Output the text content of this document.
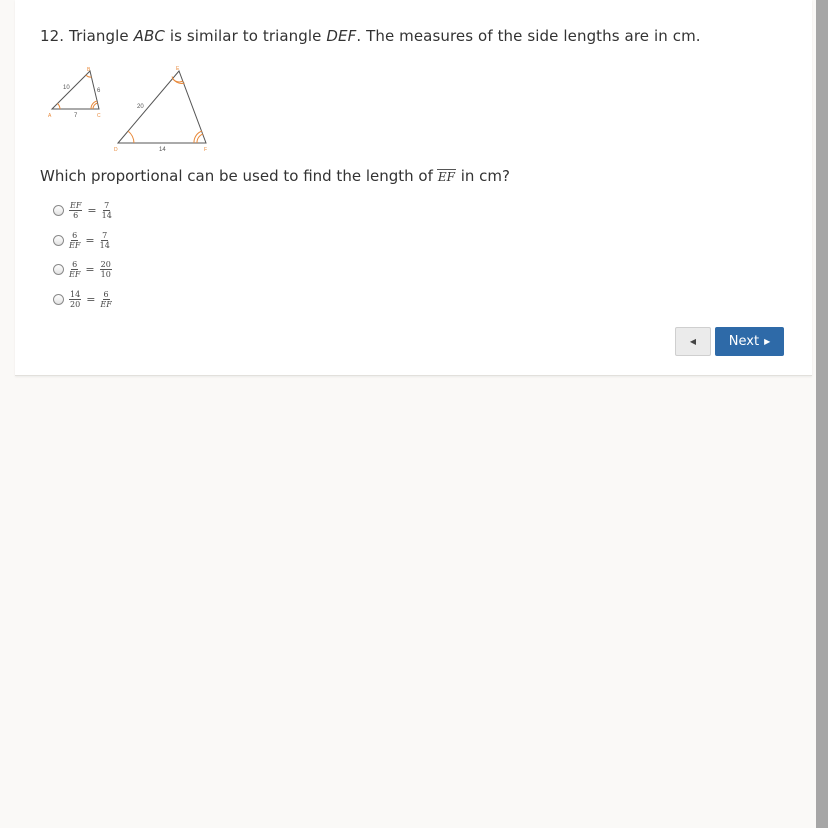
12. Triangle ABC is similar to triangle DEF. The measures of the side lengths are in cm.
B
A	C
10	6
7
E
D	F
20
14
Which proportional can be used to find the length of EF in cm?
$\frac{EF}{6} = \frac{7}{14}$
$\frac{6}{EF} = \frac{7}{14}$
$\frac{6}{EF} = \frac{20}{10}$
$\frac{14}{20} = \frac{6}{EF}$
◀	Next ▶
